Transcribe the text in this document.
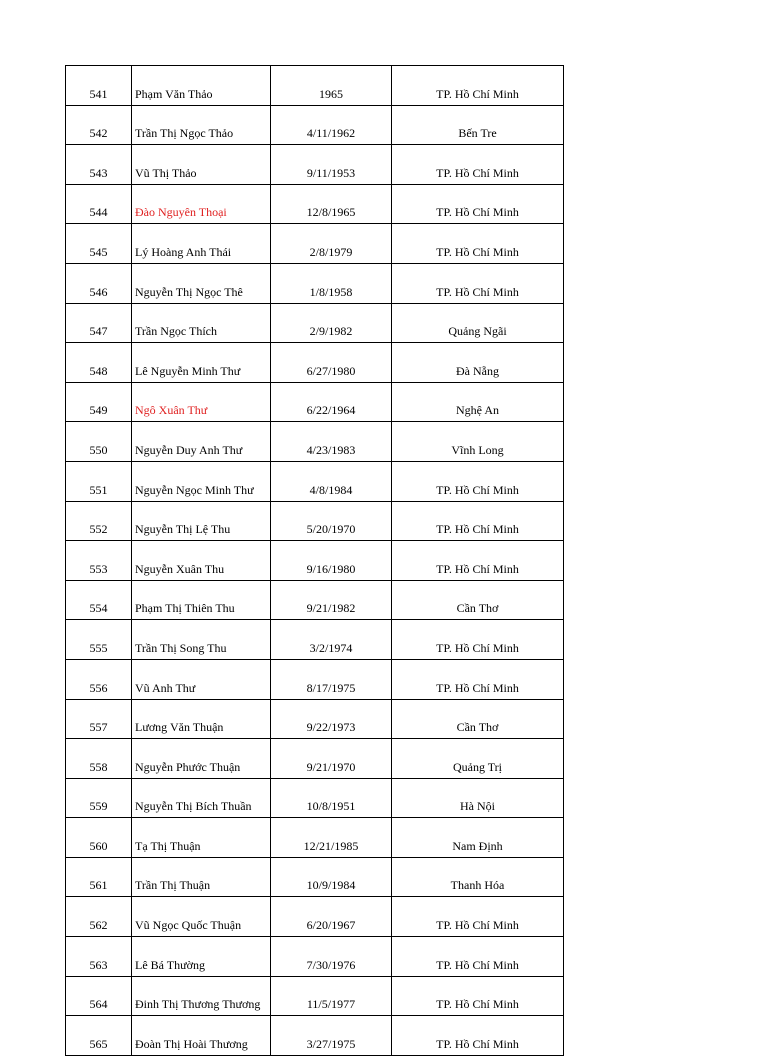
541	Phạm Văn Thảo	1965	TP. Hồ Chí Minh
542	Trần Thị Ngọc Thảo	4/11/1962	Bến Tre
543	Vũ Thị Thảo	9/11/1953	TP. Hồ Chí Minh
544	Đào Nguyên Thoại	12/8/1965	TP. Hồ Chí Minh
545	Lý Hoàng Anh Thái	2/8/1979	TP. Hồ Chí Minh
546	Nguyễn Thị Ngọc Thê	1/8/1958	TP. Hồ Chí Minh
547	Trần Ngọc Thích	2/9/1982	Quảng Ngãi
548	Lê Nguyễn Minh Thư	6/27/1980	Đà Nẵng
549	Ngô Xuân Thư	6/22/1964	Nghệ An
550	Nguyễn Duy Anh Thư	4/23/1983	Vĩnh Long
551	Nguyễn Ngọc Minh Thư	4/8/1984	TP. Hồ Chí Minh
552	Nguyễn Thị Lệ Thu	5/20/1970	TP. Hồ Chí Minh
553	Nguyễn Xuân Thu	9/16/1980	TP. Hồ Chí Minh
554	Phạm Thị Thiên Thu	9/21/1982	Cần Thơ
555	Trần Thị Song Thu	3/2/1974	TP. Hồ Chí Minh
556	Vũ Anh Thư	8/17/1975	TP. Hồ Chí Minh
557	Lương Văn Thuận	9/22/1973	Cần Thơ
558	Nguyễn Phước Thuận	9/21/1970	Quảng Trị
559	Nguyễn Thị Bích Thuần	10/8/1951	Hà Nội
560	Tạ Thị Thuận	12/21/1985	Nam Định
561	Trần Thị Thuận	10/9/1984	Thanh Hóa
562	Vũ Ngọc Quốc Thuận	6/20/1967	TP. Hồ Chí Minh
563	Lê Bá Thường	7/30/1976	TP. Hồ Chí Minh
564	Đinh Thị Thương Thương	11/5/1977	TP. Hồ Chí Minh
565	Đoàn Thị Hoài Thương	3/27/1975	TP. Hồ Chí Minh
